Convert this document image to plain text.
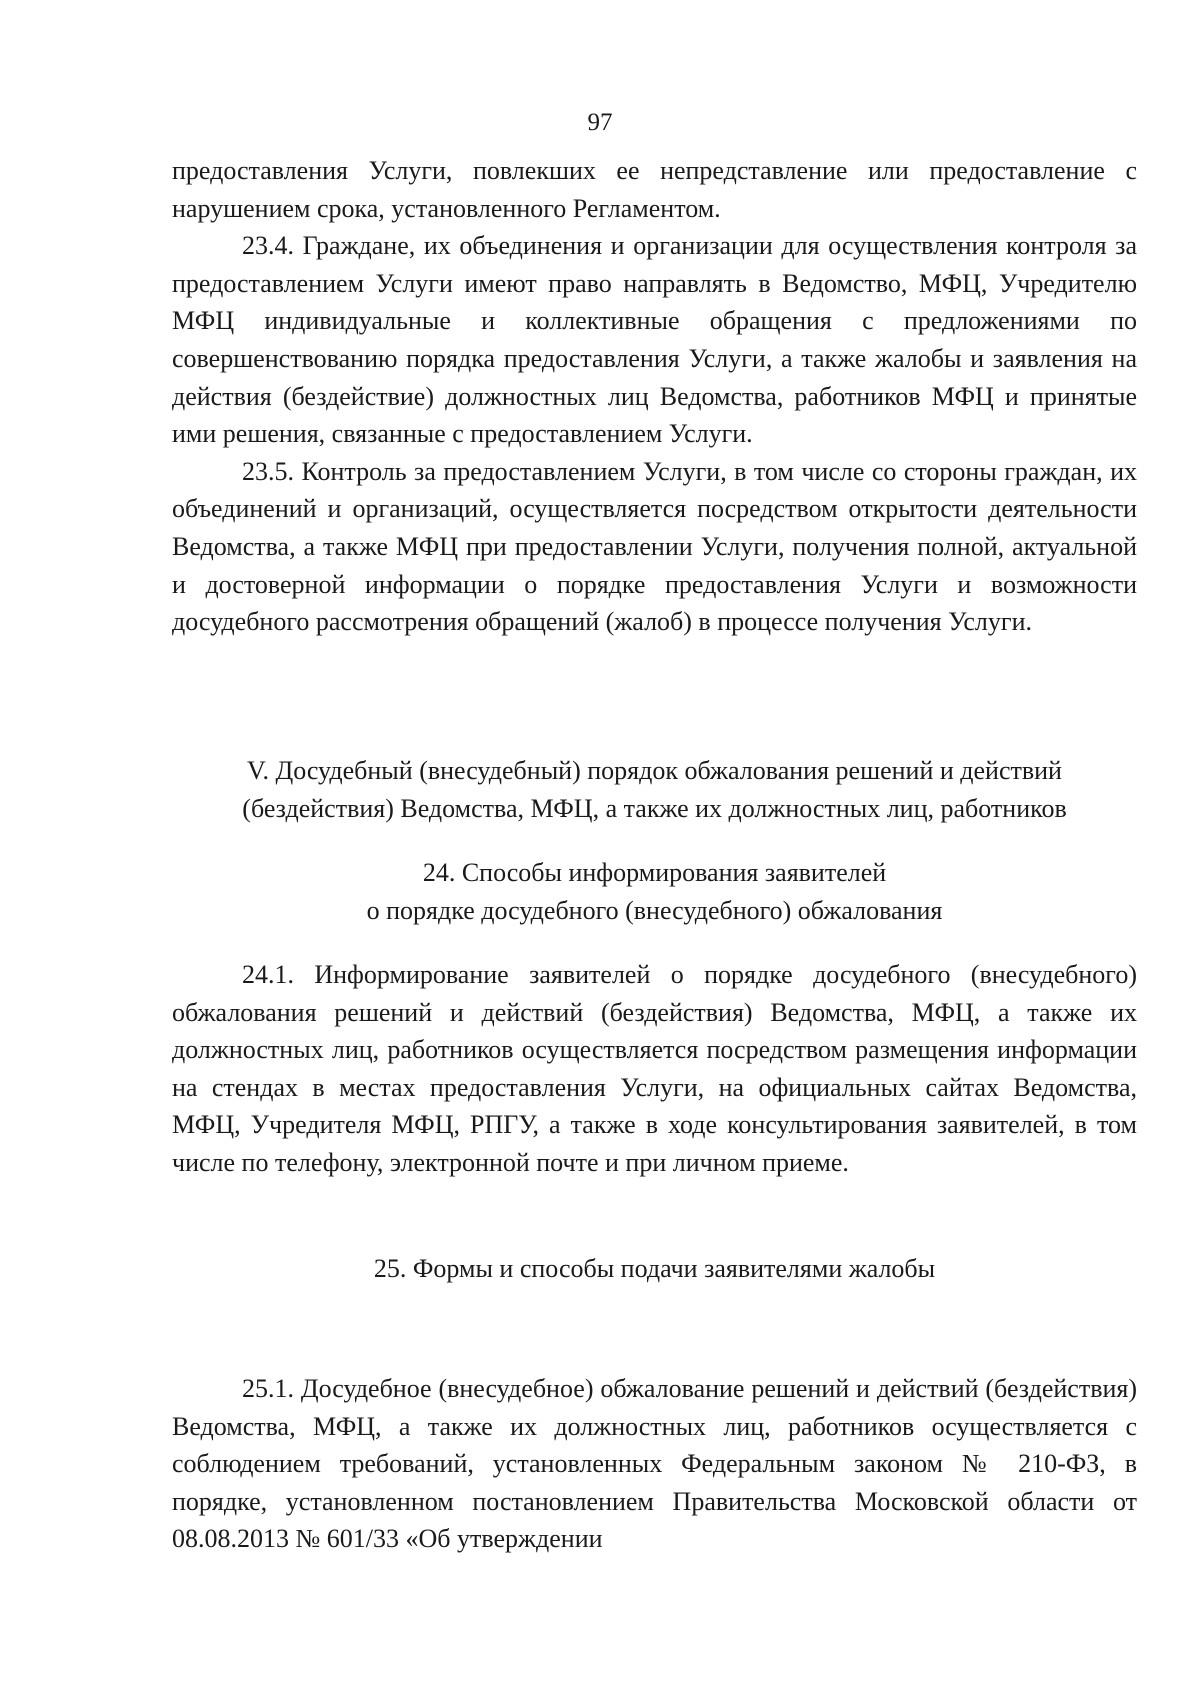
97

предоставления Услуги, повлекших ее непредставление или предоставление с нарушением срока, установленного Регламентом.

23.4. Граждане, их объединения и организации для осуществления контроля за предоставлением Услуги имеют право направлять в Ведомство, МФЦ, Учредителю МФЦ индивидуальные и коллективные обращения с предложениями по совершенствованию порядка предоставления Услуги, а также жалобы и заявления на действия (бездействие) должностных лиц Ведомства, работников МФЦ и принятые ими решения, связанные с предоставлением Услуги.

23.5. Контроль за предоставлением Услуги, в том числе со стороны граждан, их объединений и организаций, осуществляется посредством открытости деятельности Ведомства, а также МФЦ при предоставлении Услуги, получения полной, актуальной и достоверной информации о порядке предоставления Услуги и возможности досудебного рассмотрения обращений (жалоб) в процессе получения Услуги.

V. Досудебный (внесудебный) порядок обжалования решений и действий
(бездействия) Ведомства, МФЦ, а также их должностных лиц, работников
24. Способы информирования заявителей
о порядке досудебного (внесудебного) обжалования

24.1. Информирование заявителей о порядке досудебного (внесудебного) обжалования решений и действий (бездействия) Ведомства, МФЦ, а также их должностных лиц, работников осуществляется посредством размещения информации на стендах в местах предоставления Услуги, на официальных сайтах Ведомства, МФЦ, Учредителя МФЦ, РПГУ, а также в ходе консультирования заявителей, в том числе по телефону, электронной почте и при личном приеме.

25. Формы и способы подачи заявителями жалобы

25.1. Досудебное (внесудебное) обжалование решений и действий (бездействия) Ведомства, МФЦ, а также их должностных лиц, работников осуществляется с соблюдением требований, установленных Федеральным законом № 210-ФЗ, в порядке, установленном постановлением Правительства Московской области от 08.08.2013 № 601/33 «Об утверждении
